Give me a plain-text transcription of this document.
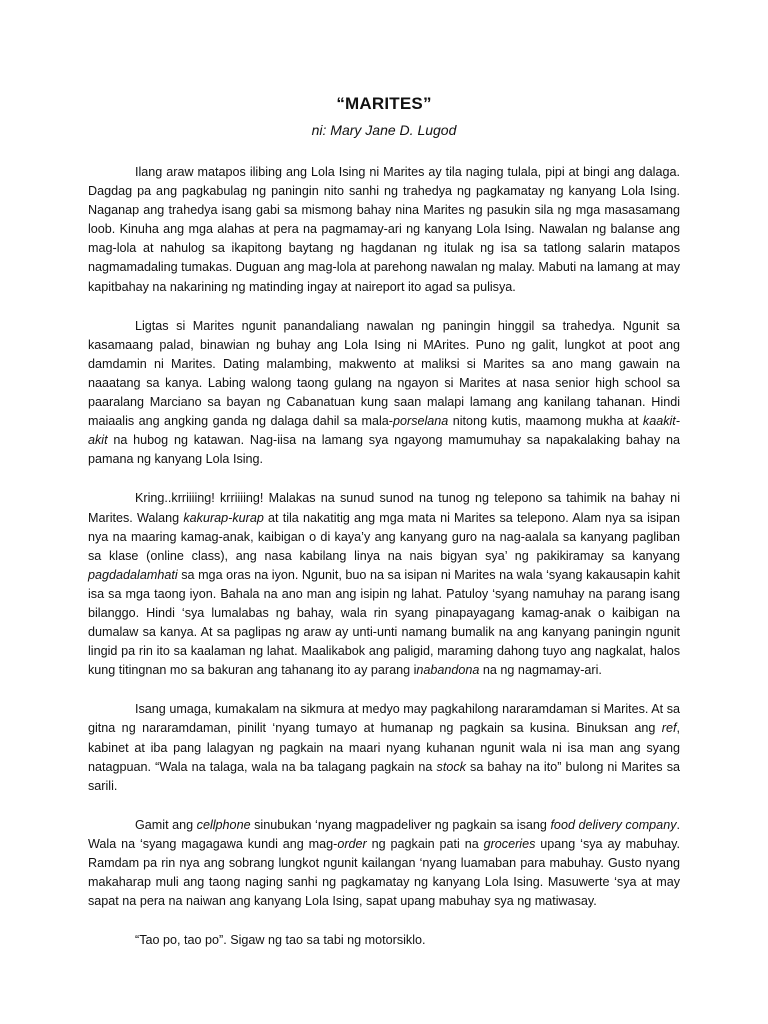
“MARITES”
ni: Mary Jane D. Lugod

Ilang araw matapos ilibing ang Lola Ising ni Marites ay tila naging tulala, pipi at bingi ang dalaga. Dagdag pa ang pagkabulag ng paningin nito sanhi ng trahedya ng pagkamatay ng kanyang Lola Ising. Naganap ang trahedya isang gabi sa mismong bahay nina Marites ng pasukin sila ng mga masasamang loob. Kinuha ang mga alahas at pera na pagmamay-ari ng kanyang Lola Ising. Nawalan ng balanse ang mag-lola at nahulog sa ikapitong baytang ng hagdanan ng itulak ng isa sa tatlong salarin matapos nagmamadaling tumakas. Duguan ang mag-lola at parehong nawalan ng malay. Mabuti na lamang at may kapitbahay na nakarining ng matinding ingay at naireport ito agad sa pulisya.

Ligtas si Marites ngunit panandaliang nawalan ng paningin hinggil sa trahedya. Ngunit sa kasamaang palad, binawian ng buhay ang Lola Ising ni MArites. Puno ng galit, lungkot at poot ang damdamin ni Marites. Dating malambing, makwento at maliksi si Marites sa ano mang gawain na naaatang sa kanya. Labing walong taong gulang na ngayon si Marites at nasa senior high school sa paaralang Marciano sa bayan ng Cabanatuan kung saan malapi lamang ang kanilang tahanan. Hindi maiaalis ang angking ganda ng dalaga dahil sa mala-porselana nitong kutis, maamong mukha at kaakit-akit na hubog ng katawan. Nag-iisa na lamang sya ngayong mamumuhay sa napakalaking bahay na pamana ng kanyang Lola Ising.

Kring..krriiiing! krriiiing! Malakas na sunud sunod na tunog ng telepono sa tahimik na bahay ni Marites. Walang kakurap-kurap at tila nakatitig ang mga mata ni Marites sa telepono. Alam nya sa isipan nya na maaring kamag-anak, kaibigan o di kaya’y ang kanyang guro na nag-aalala sa kanyang pagliban sa klase (online class), ang nasa kabilang linya na nais bigyan sya’ ng pakikiramay sa kanyang pagdadalamhati sa mga oras na iyon. Ngunit, buo na sa isipan ni Marites na wala ‘syang kakausapin kahit isa sa mga taong iyon. Bahala na ano man ang isipin ng lahat. Patuloy ‘syang namuhay na parang isang bilanggo. Hindi ‘sya lumalabas ng bahay, wala rin syang pinapayagang kamag-anak o kaibigan na dumalaw sa kanya. At sa paglipas ng araw ay unti-unti namang bumalik na ang kanyang paningin ngunit lingid pa rin ito sa kaalaman ng lahat. Maalikabok ang paligid, maraming dahong tuyo ang nagkalat, halos kung titingnan mo sa bakuran ang tahanang ito ay parang inabandona na ng nagmamay-ari.

Isang umaga, kumakalam na sikmura at medyo may pagkahilong nararamdaman si Marites. At sa gitna ng nararamdaman, pinilit ‘nyang tumayo at humanap ng pagkain sa kusina. Binuksan ang ref, kabinet at iba pang lalagyan ng pagkain na maari nyang kuhanan ngunit wala ni isa man ang syang natagpuan. “Wala na talaga, wala na ba talagang pagkain na stock sa bahay na ito” bulong ni Marites sa sarili.

Gamit ang cellphone sinubukan ‘nyang magpadeliver ng pagkain sa isang food delivery company. Wala na ‘syang magagawa kundi ang mag-order ng pagkain pati na groceries upang ‘sya ay mabuhay. Ramdam pa rin nya ang sobrang lungkot ngunit kailangan ‘nyang luamaban para mabuhay. Gusto nyang makaharap muli ang taong naging sanhi ng pagkamatay ng kanyang Lola Ising. Masuwerte ‘sya at may sapat na pera na naiwan ang kanyang Lola Ising, sapat upang mabuhay sya ng matiwasay.

“Tao po, tao po”. Sigaw ng tao sa tabi ng motorsiklo.
